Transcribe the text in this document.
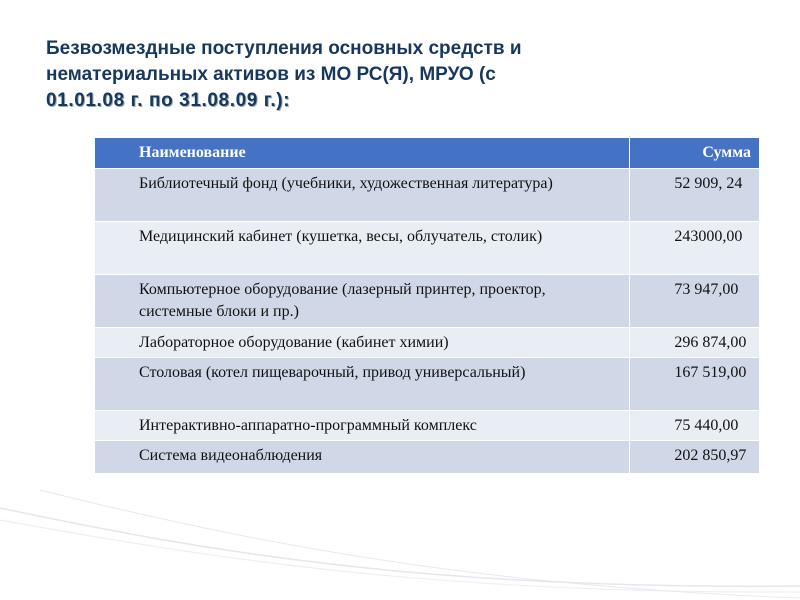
Безвозмездные поступления основных средств и
нематериальных активов из МО РС(Я), МРУО (с
01.01.08 г. по 31.08.09 г.):
Наименование	Сумма
Библиотечный фонд (учебники, художественная литература)	52 909, 24
Медицинский кабинет (кушетка, весы, облучатель, столик)	243000,00
Компьютерное оборудование (лазерный принтер, проектор, системные блоки и пр.)	73 947,00
Лабораторное оборудование (кабинет химии)	296 874,00
Столовая (котел пищеварочный, привод универсальный)	167 519,00
Интерактивно-аппаратно-программный комплекс	75 440,00
Система видеонаблюдения	202 850,97
